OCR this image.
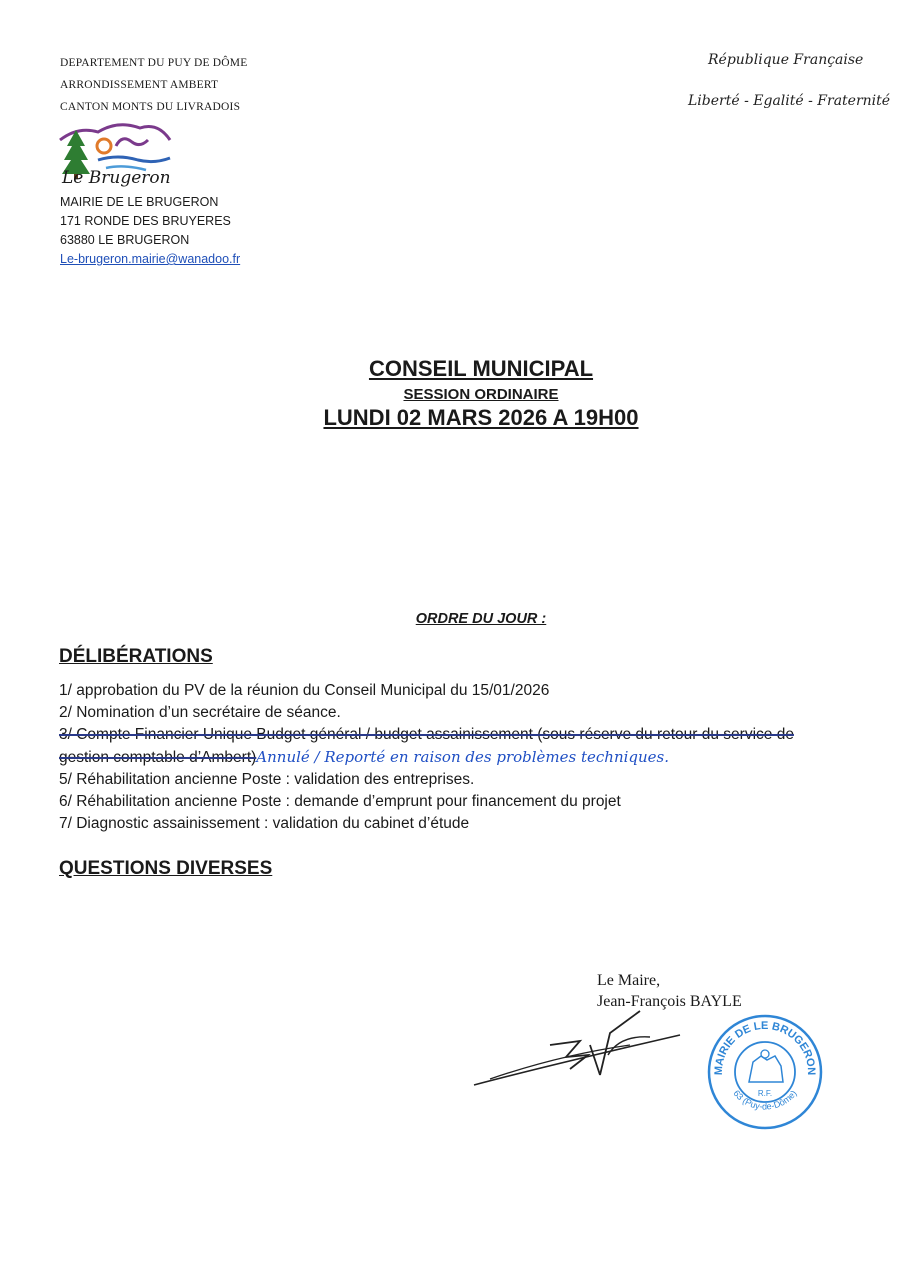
DEPARTEMENT DU PUY DE DÔME
ARRONDISSEMENT AMBERT
CANTON MONTS DU LIVRADOIS
République Française
Liberté - Egalité - Fraternité
Le Brugeron
MAIRIE DE LE BRUGERON
171 RONDE DES BRUYERES
63880 LE BRUGERON
Le-brugeron.mairie@wanadoo.fr
CONSEIL MUNICIPAL
SESSION ORDINAIRE
LUNDI 02 MARS 2026 A 19H00
ORDRE DU JOUR :
DÉLIBÉRATIONS
1/ approbation du PV de la réunion du Conseil Municipal du 15/01/2026
2/ Nomination d’un secrétaire de séance.
3/ Compte Financier Unique Budget général / budget assainissement (sous réserve du retour du service de
gestion comptable d’Ambert)Annulé / Reporté en raison des problèmes techniques.
5/ Réhabilitation ancienne Poste : validation des entreprises.
6/ Réhabilitation ancienne Poste : demande d’emprunt pour financement du projet
7/ Diagnostic assainissement : validation du cabinet d’étude
QUESTIONS DIVERSES
Le Maire,
Jean-François BAYLE
MAIRIE DE LE BRUGERON
63 (Puy-de-Dôme)
R.F.
